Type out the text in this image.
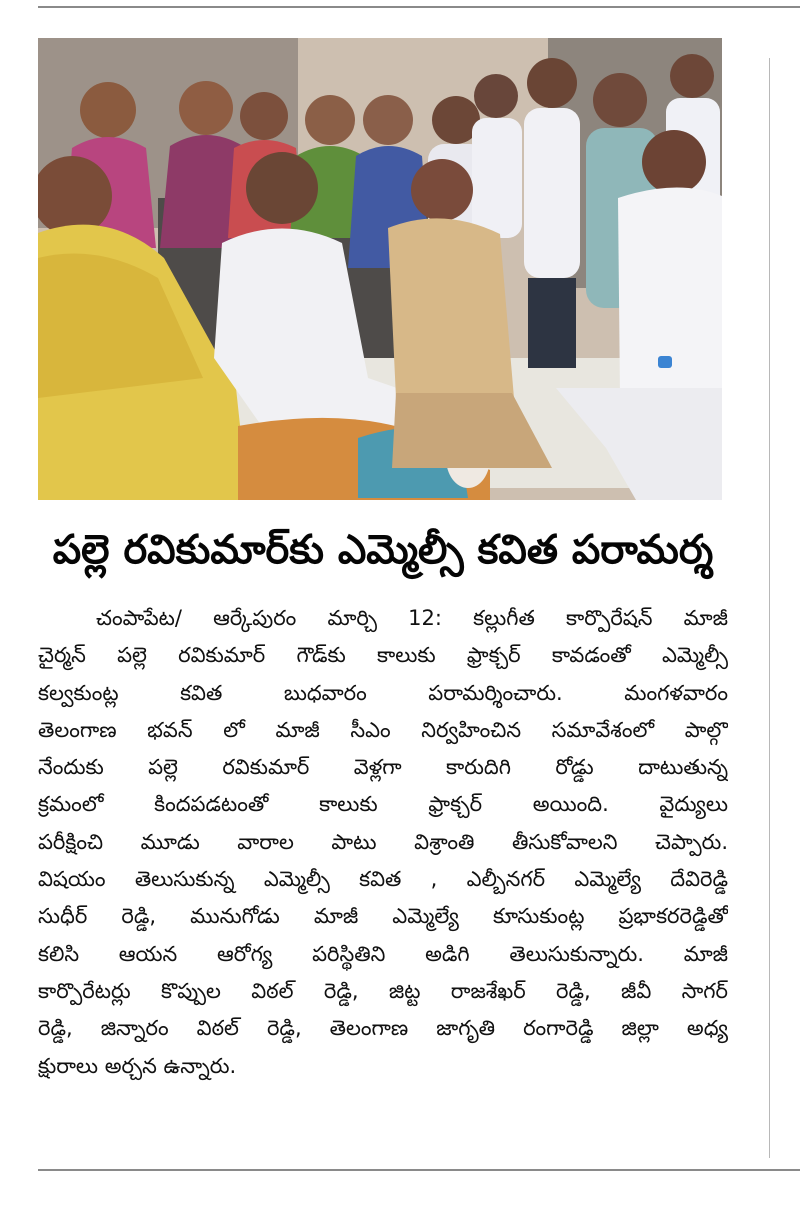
పల్లె రవికుమార్‌కు ఎమ్మెల్సీ కవిత పరామర్శ
చంపాపేట/ ఆర్కేపురం మార్చి 12: కల్లుగీత కార్పొరేషన్ మాజీ
చైర్మన్ పల్లె రవికుమార్ గౌడ్‌కు కాలుకు ఫ్రాక్చర్ కావడంతో ఎమ్మెల్సీ
కల్వకుంట్ల కవిత బుధవారం పరామర్శించారు. మంగళవారం
తెలంగాణ భవన్ లో మాజీ సీఎం నిర్వహించిన సమావేశంలో పాల్గొ
నేందుకు పల్లె రవికుమార్ వెళ్లగా కారుదిగి రోడ్డు దాటుతున్న
క్రమంలో కిందపడటంతో కాలుకు ఫ్రాక్చర్ అయింది. వైద్యులు
పరీక్షించి మూడు వారాల పాటు విశ్రాంతి తీసుకోవాలని చెప్పారు.
విషయం తెలుసుకున్న ఎమ్మెల్సీ కవిత , ఎల్బీనగర్ ఎమ్మెల్యే దేవిరెడ్డి
సుధీర్ రెడ్డి, మునుగోడు మాజీ ఎమ్మెల్యే కూసుకుంట్ల ప్రభాకరరెడ్డితో
కలిసి ఆయన ఆరోగ్య పరిస్థితిని అడిగి తెలుసుకున్నారు. మాజీ
కార్పొరేటర్లు కొప్పుల విఠల్ రెడ్డి, జిట్ట రాజశేఖర్ రెడ్డి, జీవీ సాగర్
రెడ్డి, జిన్నారం విఠల్ రెడ్డి, తెలంగాణ జాగృతి రంగారెడ్డి జిల్లా అధ్య
క్షురాలు అర్చన ఉన్నారు.
